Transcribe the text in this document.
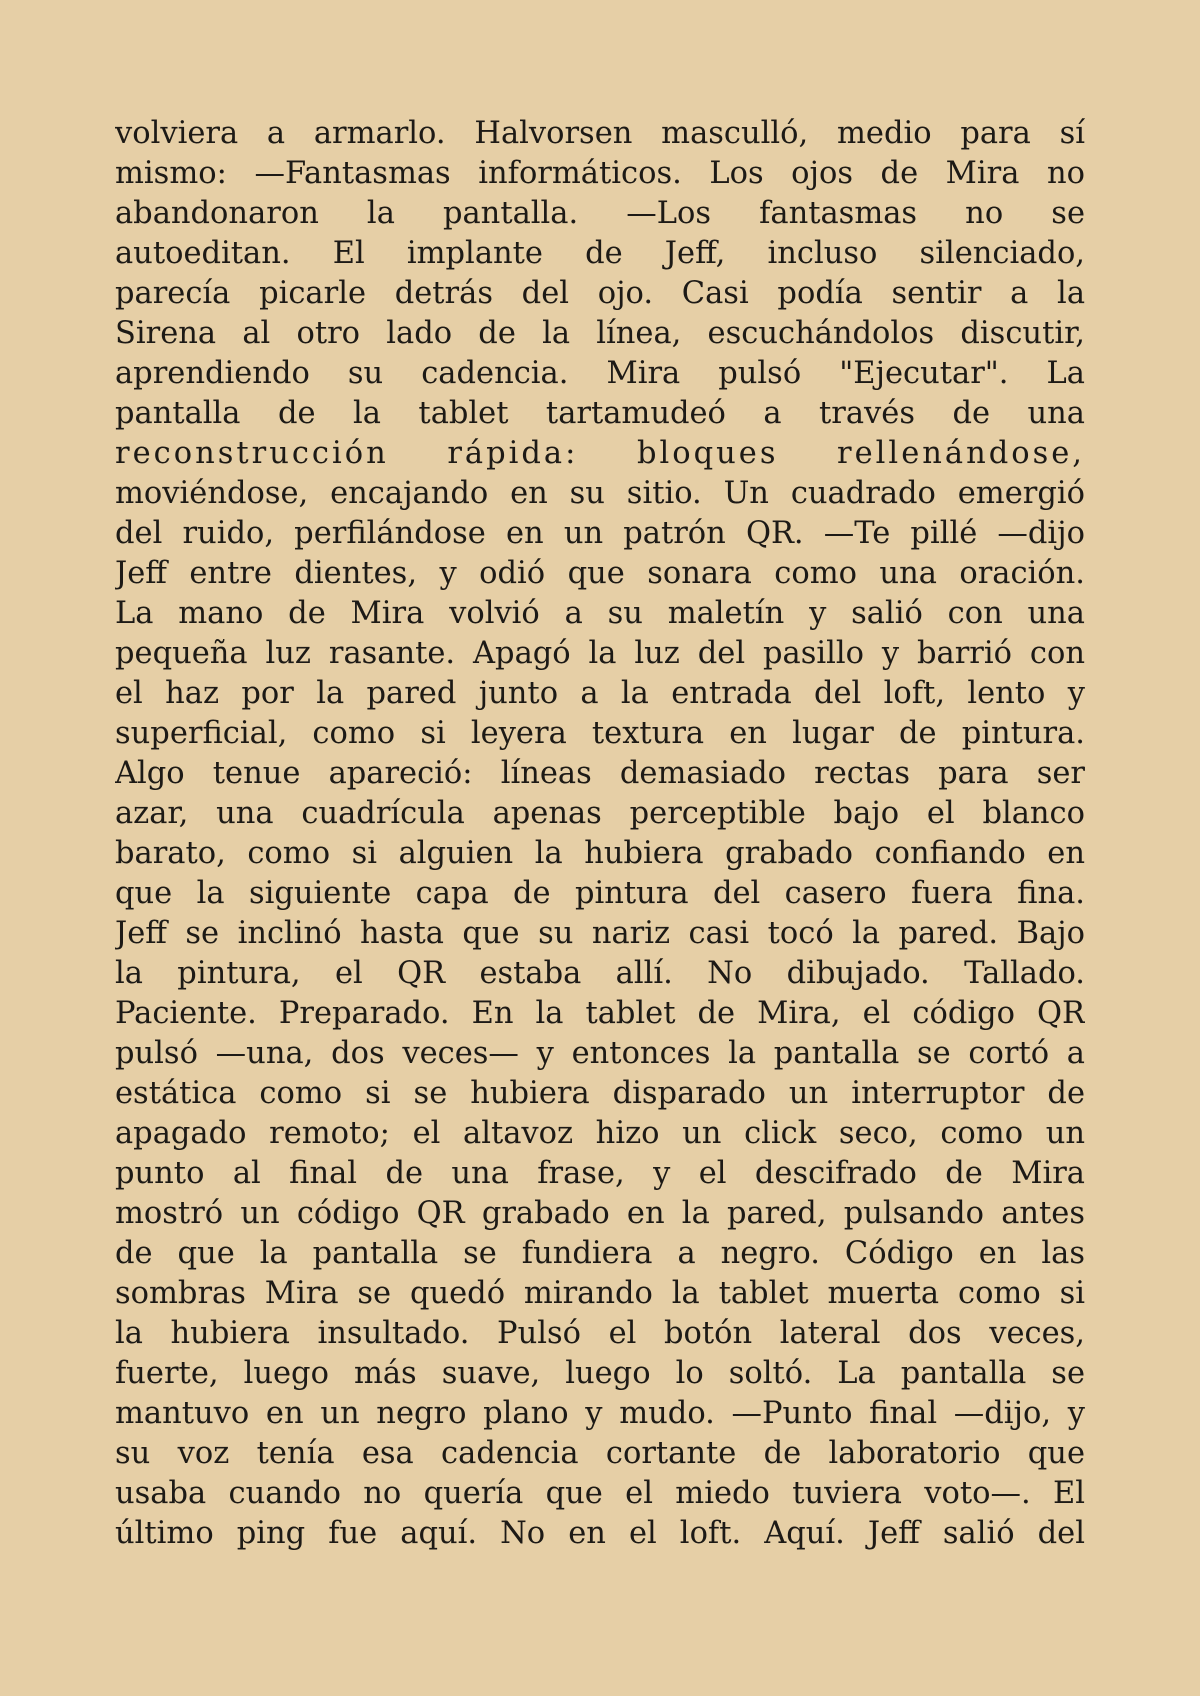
volviera a armarlo. Halvorsen masculló, medio para sí
mismo: —Fantasmas informáticos. Los ojos de Mira no
abandonaron la pantalla. —Los fantasmas no se
autoeditan. El implante de Jeff, incluso silenciado,
parecía picarle detrás del ojo. Casi podía sentir a la
Sirena al otro lado de la línea, escuchándolos discutir,
aprendiendo su cadencia. Mira pulsó "Ejecutar". La
pantalla de la tablet tartamudeó a través de una
reconstrucción rápida: bloques rellenándose,
moviéndose, encajando en su sitio. Un cuadrado emergió
del ruido, perfilándose en un patrón QR. —Te pillé —dijo
Jeff entre dientes, y odió que sonara como una oración.
La mano de Mira volvió a su maletín y salió con una
pequeña luz rasante. Apagó la luz del pasillo y barrió con
el haz por la pared junto a la entrada del loft, lento y
superficial, como si leyera textura en lugar de pintura.
Algo tenue apareció: líneas demasiado rectas para ser
azar, una cuadrícula apenas perceptible bajo el blanco
barato, como si alguien la hubiera grabado confiando en
que la siguiente capa de pintura del casero fuera fina.
Jeff se inclinó hasta que su nariz casi tocó la pared. Bajo
la pintura, el QR estaba allí. No dibujado. Tallado.
Paciente. Preparado. En la tablet de Mira, el código QR
pulsó —una, dos veces— y entonces la pantalla se cortó a
estática como si se hubiera disparado un interruptor de
apagado remoto; el altavoz hizo un click seco, como un
punto al final de una frase, y el descifrado de Mira
mostró un código QR grabado en la pared, pulsando antes
de que la pantalla se fundiera a negro. Código en las
sombras Mira se quedó mirando la tablet muerta como si
la hubiera insultado. Pulsó el botón lateral dos veces,
fuerte, luego más suave, luego lo soltó. La pantalla se
mantuvo en un negro plano y mudo. —Punto final —dijo, y
su voz tenía esa cadencia cortante de laboratorio que
usaba cuando no quería que el miedo tuviera voto—. El
último ping fue aquí. No en el loft. Aquí. Jeff salió del
